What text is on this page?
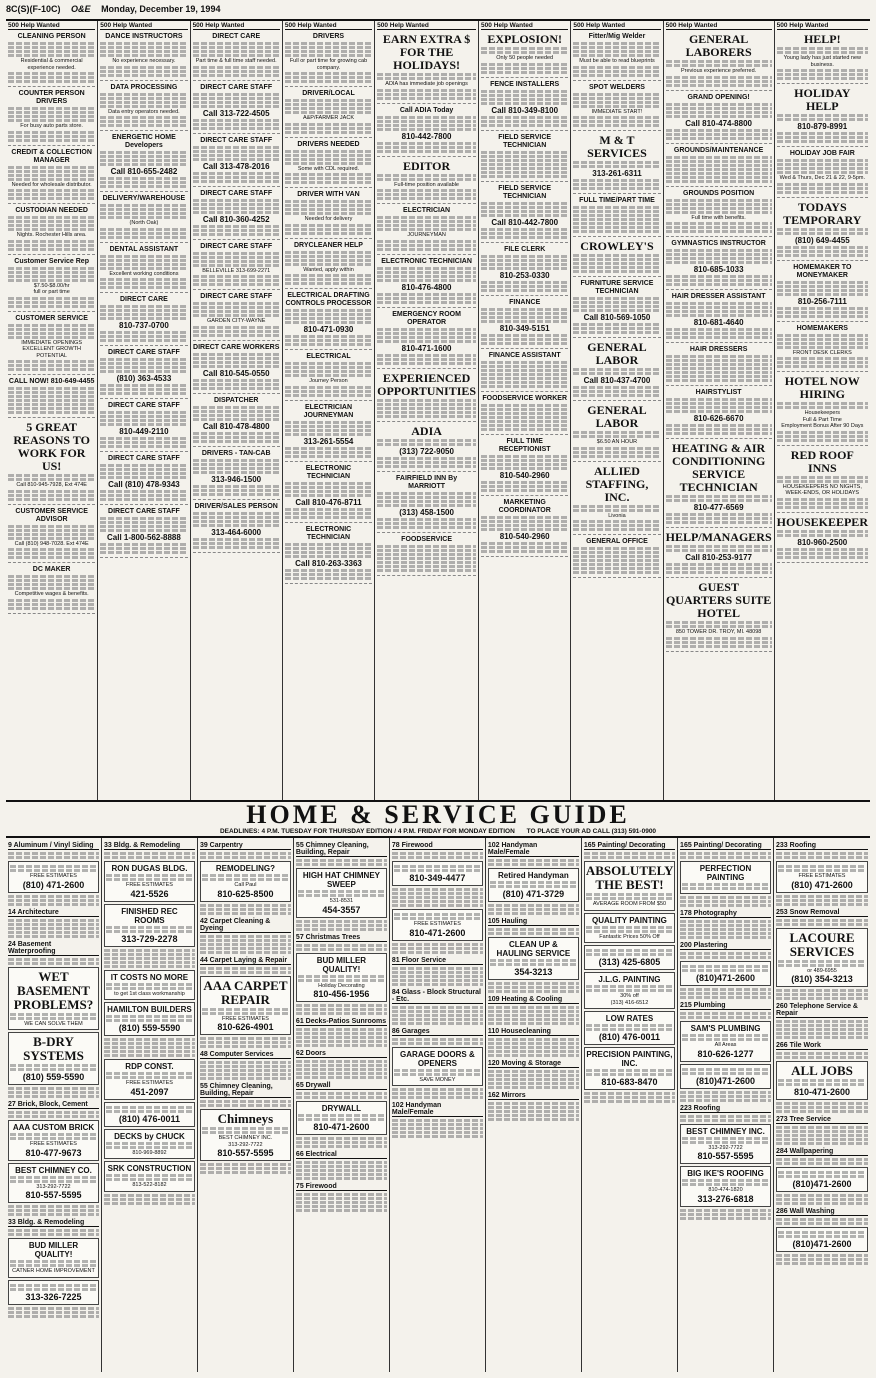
8C(S)(F-10C) O&E Monday, December 19, 1994
500 Help Wanted
CLEANING PERSON
Residential & commercial experience needed.
COUNTER PERSON DRIVERS
For busy auto parts store.
CREDIT & COLLECTION MANAGER
Needed for wholesale distributor.
CUSTODIAN NEEDED
Nights. Rochester Hills area.
Customer Service Rep
$7.50-$8.00/hr
full or part time
CUSTOMER SERVICE
IMMEDIATE OPENINGS
EXCELLENT GROWTH POTENTIAL
CALL NOW! 810-649-4455
5 GREAT REASONS TO WORK FOR US!
Call 810-945-7928, Ext 474E
CUSTOMER SERVICE ADVISOR
Call (810) 948-7028. Ext 474E
DC MAKER
Competitive wages & benefits.
500 Help Wanted
DANCE INSTRUCTORS
No experience necessary.
DATA PROCESSING
Data entry operators needed.
ENERGETIC HOME Developers
Call 810-655-2482
DELIVERY/WAREHOUSE
(North Oak)
DENTAL ASSISTANT
Excellent working conditions
DIRECT CARE
810-737-0700
DIRECT CARE STAFF
(810) 363-4533
DIRECT CARE STAFF
810-449-2110
DIRECT CARE STAFF
Call (810) 478-9343
DIRECT CARE STAFF
Call 1-800-562-8888
500 Help Wanted
DIRECT CARE
Part time & full time staff needed.
DIRECT CARE STAFF
Call 313-722-4505
DIRECT CARE STAFF
Call 313-478-2016
DIRECT CARE STAFF
Call 810-360-4252
DIRECT CARE STAFF
BELLEVILLE 313-699-2271
DIRECT CARE STAFF
GARDEN CITY-WAYNE
DIRECT CARE WORKERS
Call 810-545-0550
DISPATCHER
Call 810-478-4800
DRIVERS - TAN-CAB
313-946-1500
DRIVER/SALES PERSON
313-464-6000
500 Help Wanted
DRIVERS
Full or part time for growing cab company.
DRIVER/LOCAL
A&P/FARMER JACK
DRIVERS NEEDED
Some with CDL required.
DRIVER WITH VAN
Needed for delivery
DRYCLEANER HELP
Wanted, apply within
ELECTRICAL DRAFTING CONTROLS PROCESSOR
810-471-0930
ELECTRICAL
Journey Person
ELECTRICIAN JOURNEYMAN
313-261-5554
ELECTRONIC TECHNICIAN
Call 810-476-8711
ELECTRONIC TECHNICIAN
Call 810-263-3363
500 Help Wanted
EARN EXTRA $ FOR THE HOLIDAYS!
ADIA has immediate job openings
Call ADIA Today
810-442-7800
EDITOR
Full-time position available
ELECTRICIAN
JOURNEYMAN
ELECTRONIC TECHNICIAN
810-476-4800
EMERGENCY ROOM OPERATOR
810-471-1600
EXPERIENCED OPPORTUNITIES
ADIA
(313) 722-9050
FAIRFIELD INN By MARRIOTT
(313) 458-1500
FOODSERVICE
500 Help Wanted
EXPLOSION!
Only 50 people needed
FENCE INSTALLERS
Call 810-349-8100
FIELD SERVICE TECHNICIAN
FIELD SERVICE TECHNICIAN
Call 810-442-7800
FILE CLERK
810-253-0330
FINANCE
810-349-5151
FINANCE ASSISTANT
FOODSERVICE WORKER
FULL TIME RECEPTIONIST
810-540-2960
MARKETING COORDINATOR
810-540-2960
500 Help Wanted
Fitter/Mig Welder
Must be able to read blueprints
SPOT WELDERS
IMMEDIATE START!
M & T SERVICES
313-261-6311
FULL TIME/PART TIME
CROWLEY'S
FURNITURE SERVICE TECHNICIAN
Call 810-569-1050
GENERAL LABOR
Call 810-437-4700
GENERAL LABOR
$6.50 AN HOUR
ALLIED STAFFING, INC.
Livonia
GENERAL OFFICE
500 Help Wanted
GENERAL LABORERS
Previous experience preferred.
GRAND OPENING!
Call 810-474-8800
GROUNDS/MAINTENANCE
GROUNDS POSITION
Full time with benefits.
GYMNASTICS INSTRUCTOR
810-685-1033
HAIR DRESSER ASSISTANT
810-681-4640
HAIR DRESSERS
HAIRSTYLIST
810-626-6670
HEATING & AIR CONDITIONING SERVICE TECHNICIAN
810-477-6569
HELP/MANAGERS
Call 810-253-9177
GUEST QUARTERS SUITE HOTEL
850 TOWER DR. TROY, MI. 48098
500 Help Wanted
HELP!
Young lady has just started new business.
HOLIDAY HELP
810-879-8991
HOLIDAY JOB FAIR
Wed & Thurs, Dec 21 & 22, 9-5pm.
TODAYS TEMPORARY
(810) 649-4455
HOMEMAKER TO MONEYMAKER
810-256-7111
HOMEMAKERS
FRONT DESK CLERKS
HOTEL NOW HIRING
Housekeepers
Full & Part Time
Employment Bonus After 90 Days
RED ROOF INNS
HOUSEKEEPERS NO NIGHTS, WEEK-ENDS, OR HOLIDAYS
HOUSEKEEPER
810-960-2500
HOME & SERVICE GUIDE
DEADLINES: 4 P.M. TUESDAY FOR THURSDAY EDITION / 4 P.M. FRIDAY FOR MONDAY EDITION TO PLACE YOUR AD CALL (313) 591-0900
9 Aluminum / Vinyl Siding
FREE ESTIMATES
(810) 471-2600
14 Architecture
24 Basement Waterproofing
WET BASEMENT PROBLEMS?
WE CAN SOLVE THEM
B-DRY SYSTEMS
(810) 559-5590
27 Brick, Block, Cement
AAA CUSTOM BRICK
FREE ESTIMATES
810-477-9673
BEST CHIMNEY CO.
313-292-7722
810-557-5595
33 Bldg. & Remodeling
BUD MILLER QUALITY!
CATNER HOME IMPROVEMENT
313-326-7225
33 Bldg. & Remodeling
RON DUGAS BLDG.
FREE ESTIMATES
421-5526
FINISHED REC ROOMS
313-729-2278
IT COSTS NO MORE
to get 1st class workmanship
HAMILTON BUILDERS
(810) 559-5590
RDP CONST.
FREE ESTIMATES
451-2097
(810) 476-0011
DECKS by CHUCK
810-969-8892
SRK CONSTRUCTION
813-522-8182
39 Carpentry
REMODELING?
Call Paul
810-625-8500
42 Carpet Cleaning & Dyeing
44 Carpet Laying & Repair
AAA CARPET REPAIR
FREE ESTIMATES
810-626-4901
48 Computer Services
55 Chimney Cleaning, Building, Repair
Chimneys
BEST CHIMNEY INC.
313-292-7722
810-557-5595
55 Chimney Cleaning, Building, Repair
HIGH HAT CHIMNEY SWEEP
531-8531
454-3557
57 Christmas Trees
BUD MILLER QUALITY!
Holiday Decorating
810-456-1956
61 Decks-Patios Sunrooms
62 Doors
65 Drywall
DRYWALL
810-471-2600
66 Electrical
75 Firewood
78 Firewood
810-349-4477
FREE ESTIMATES
810-471-2600
81 Floor Service
84 Glass - Block Structural - Etc.
86 Garages
GARAGE DOORS & OPENERS
SAVE MONEY
102 Handyman Male/Female
102 Handyman Male/Female
Retired Handyman
(810) 471-3729
105 Hauling
CLEAN UP & HAULING SERVICE
354-3213
109 Heating & Cooling
110 Housecleaning
120 Moving & Storage
162 Mirrors
165 Painting/ Decorating
ABSOLUTELY THE BEST!
AVERAGE ROOM FROM $50
QUALITY PAINTING
Fantastic Prices 50% Off
(313) 425-6805
J.L.G. PAINTING
30% off
(313) 416-6512
LOW RATES
(810) 476-0011
PRECISION PAINTING, INC.
810-683-8470
165 Painting/ Decorating
PERFECTION PAINTING
178 Photography
200 Plastering
(810)471-2600
215 Plumbing
SAM'S PLUMBING
All Areas
810-626-1277
(810)471-2600
223 Roofing
BEST CHIMNEY INC.
313-292-7722
810-557-5595
BIG IKE'S ROOFING
810-474-1820
313-276-6818
233 Roofing
FREE ESTIMATES
(810) 471-2600
253 Snow Removal
LACOURE SERVICES
or 489-6955
(810) 354-3213
260 Telephone Service & Repair
266 Tile Work
ALL JOBS
810-471-2600
273 Tree Service
284 Wallpapering
(810)471-2600
286 Wall Washing
(810)471-2600
